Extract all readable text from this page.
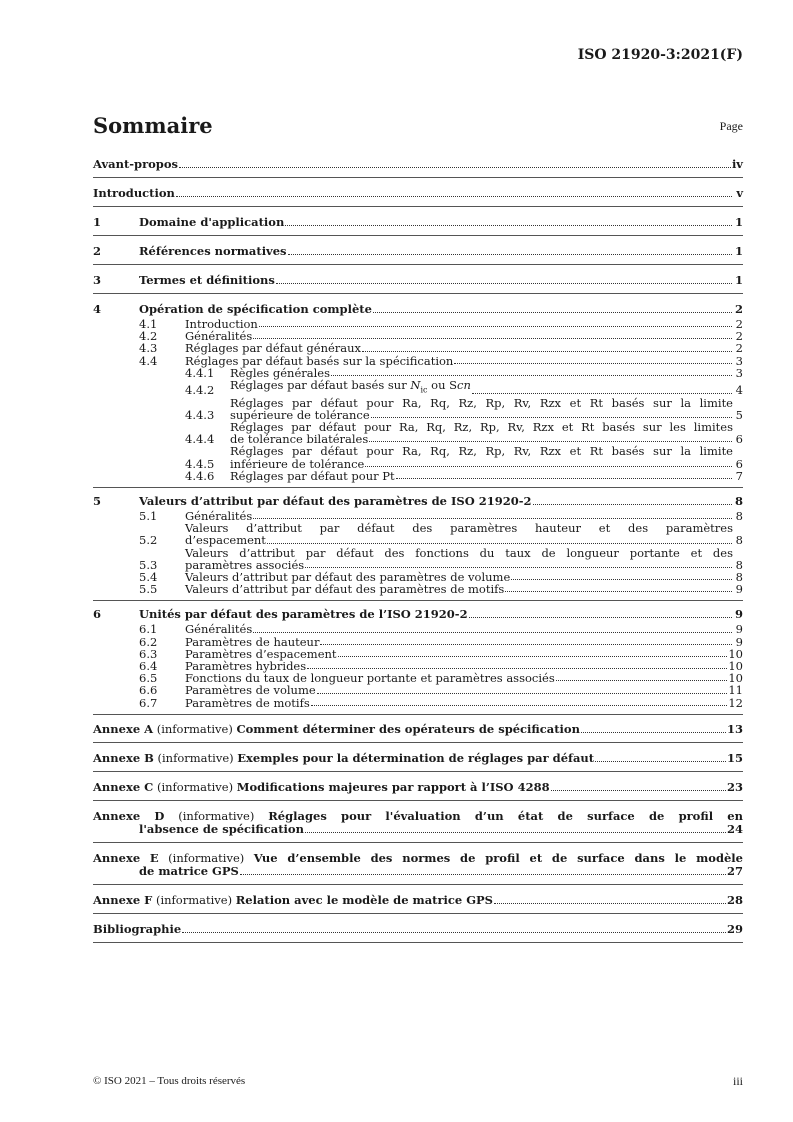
ISO 21920-3:2021(F)
Sommaire	Page
Avant-propos	iv
Introduction	v
1	Domaine d'application	1
2	Références normatives	1
3	Termes et définitions	1
4	Opération de spécification complète	2
4.1	Introduction	2
4.2	Généralités	2
4.3	Réglages par défaut généraux	2
4.4	Réglages par défaut basés sur la spécification	3
4.4.1	Règles générales	3
4.4.2	Réglages par défaut basés sur $N_{ic}$ ou Scn	4
4.4.3
Réglages par défaut pour Ra, Rq, Rz, Rp, Rv, Rzx et Rt basés sur la limite
supérieure de tolérance	5
4.4.4
Réglages par défaut pour Ra, Rq, Rz, Rp, Rv, Rzx et Rt basés sur les limites
de tolérance bilatérales	6
4.4.5
Réglages par défaut pour Ra, Rq, Rz, Rp, Rv, Rzx et Rt basés sur la limite
inférieure de tolérance	6
4.4.6	Réglages par défaut pour Pt	7
5	Valeurs d’attribut par défaut des paramètres de ISO 21920-2	8
5.1	Généralités	8
5.2
Valeurs d’attribut par défaut des paramètres hauteur et des paramètres
d’espacement	8
5.3
Valeurs d’attribut par défaut des fonctions du taux de longueur portante et des
paramètres associés	8
5.4	Valeurs d’attribut par défaut des paramètres de volume	8
5.5	Valeurs d’attribut par défaut des paramètres de motifs	9
6	Unités par défaut des paramètres de l’ISO 21920-2	9
6.1	Généralités	9
6.2	Paramètres de hauteur	9
6.3	Paramètres d’espacement	10
6.4	Paramètres hybrides	10
6.5	Fonctions du taux de longueur portante et paramètres associés	10
6.6	Paramètres de volume	11
6.7	Paramètres de motifs	12
Annexe A (informative) Comment déterminer des opérateurs de spécification	13
Annexe B (informative) Exemples pour la détermination de réglages par défaut	15
Annexe C (informative) Modifications majeures par rapport à l’ISO 4288	23
Annexe D (informative) Réglages pour l'évaluation d’un état de surface de profil en
l'absence de spécification	24
Annexe E (informative) Vue d’ensemble des normes de profil et de surface dans le modèle
de matrice GPS	27
Annexe F (informative) Relation avec le modèle de matrice GPS	28
Bibliographie	29
© ISO 2021 – Tous droits réservés	iii
